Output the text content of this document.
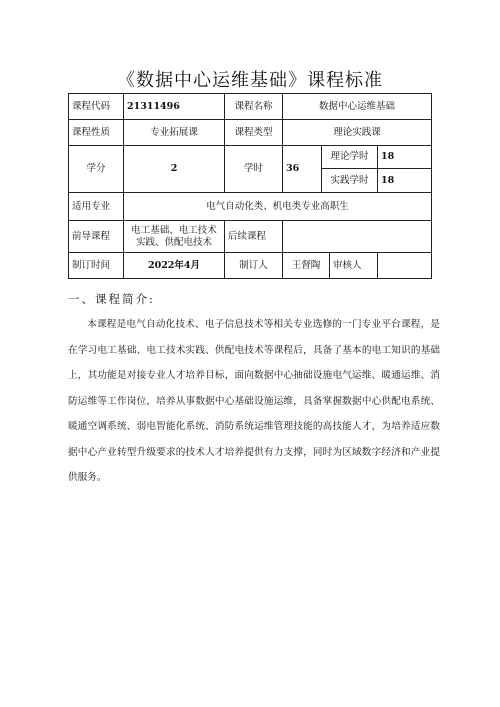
《数据中心运维基础》课程标准
课程代码	21311496	课程名称	数据中心运维基础			
课程性质	专业拓展课	课程类型	理论实践课			
学分	2	学时	36	理论学时		18
				实践学时		18
适用专业	电气自动化类、机电类专业高职生					
前导课程	电工基础、电工技术实践、供配电技术	后续课程				
制订时间	2022年4月	制订人	王督陶		审核人	
一、课程简介:

本课程是电气自动化技术、电子信息技术等相关专业选修的一门专业平台课程，是在学习电工基础、电工技术实践、供配电技术等课程后，具备了基本的电工知识的基础上，其功能是对接专业人才培养目标，面向数据中心抽础设施电气运维、暖通运维、消防运维等工作岗位，培养从事数据中心基础设施运维，具备掌握数据中心供配电系统、暖通空调系统、弱电智能化系统、消防系统运维管理技能的高技能人才，为培养适应数据中心产业转型升级要求的技术人才培养提供有力支撑，同时为区域数字经济和产业提供服务。
